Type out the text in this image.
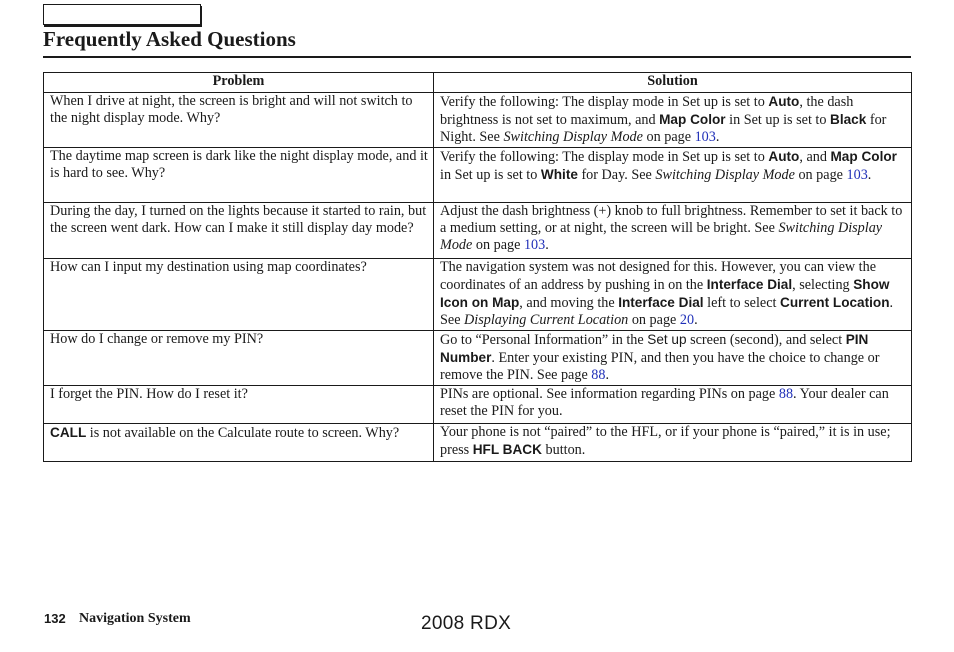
Frequently Asked Questions
Problem	Solution
When I drive at night, the screen is bright and will not switch to the night display mode. Why?	Verify the following: The display mode in Set up is set to Auto, the dash brightness is not set to maximum, and Map Color in Set up is set to Black for Night. See Switching Display Mode on page 103.
The daytime map screen is dark like the night display mode, and it is hard to see. Why?	Verify the following: The display mode in Set up is set to Auto, and Map Color in Set up is set to White for Day. See Switching Display Mode on page 103.
During the day, I turned on the lights because it started to rain, but the screen went dark. How can I make it still display day mode?	Adjust the dash brightness (+) knob to full brightness. Remember to set it back to a medium setting, or at night, the screen will be bright. See Switching Display Mode on page 103.
How can I input my destination using map coordinates?	The navigation system was not designed for this. However, you can view the coordinates of an address by pushing in on the Interface Dial, selecting Show Icon on Map, and moving the Interface Dial left to select Current Location. See Displaying Current Location on page 20.
How do I change or remove my PIN?	Go to “Personal Information” in the Set up screen (second), and select PIN Number. Enter your existing PIN, and then you have the choice to change or remove the PIN. See page 88.
I forget the PIN. How do I reset it?	PINs are optional. See information regarding PINs on page 88. Your dealer can reset the PIN for you.
CALL is not available on the Calculate route to screen. Why?	Your phone is not “paired” to the HFL, or if your phone is “paired,” it is in use; press HFL BACK button.
132 Navigation System	2008 RDX
